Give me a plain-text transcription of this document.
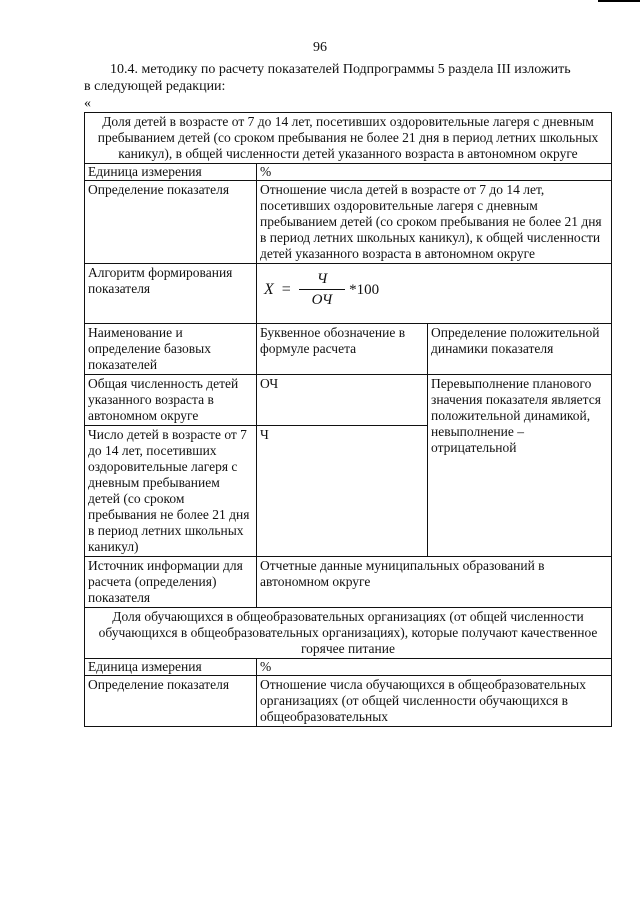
96
10.4. методику по расчету показателей Подпрограммы 5 раздела III изложить
в следующей редакции:
«
Доля детей в возрасте от 7 до 14 лет, посетивших оздоровительные лагеря с дневным пребыванием детей (со сроком пребывания не более 21 дня в период летних школьных каникул), в общей численности детей указанного возраста в автономном округе		
Единица измерения	%	
Определение показателя	Отношение числа детей в возрасте от 7 до 14 лет, посетивших оздоровительные лагеря с дневным пребыванием детей (со сроком пребывания не более 21 дня в период летних школьных каникул), к общей численности детей указанного возраста в автономном округе	
Алгоритм формирования показателя	$X = \frac{Ч}{ОЧ} *100$	

Наименование и определение базовых показателей	Буквенное обозначение в формуле расчета	Определение положительной динамики показателя
Общая численность детей указанного возраста в автономном округе	ОЧ	Перевыполнение планового значения показателя является положительной динамикой, невыполнение – отрицательной
Число детей в возрасте от 7 до 14 лет, посетивших оздоровительные лагеря с дневным пребыванием детей (со сроком пребывания не более 21 дня в период летних школьных каникул)	Ч	
Источник информации для расчета (определения) показателя	Отчетные данные муниципальных образований в автономном округе	
Доля обучающихся в общеобразовательных организациях (от общей численности обучающихся в общеобразовательных организациях), которые получают качественное горячее питание		
Единица измерения	%	
Определение показателя	Отношение числа обучающихся в общеобразовательных организациях (от общей численности обучающихся в общеобразовательных	
